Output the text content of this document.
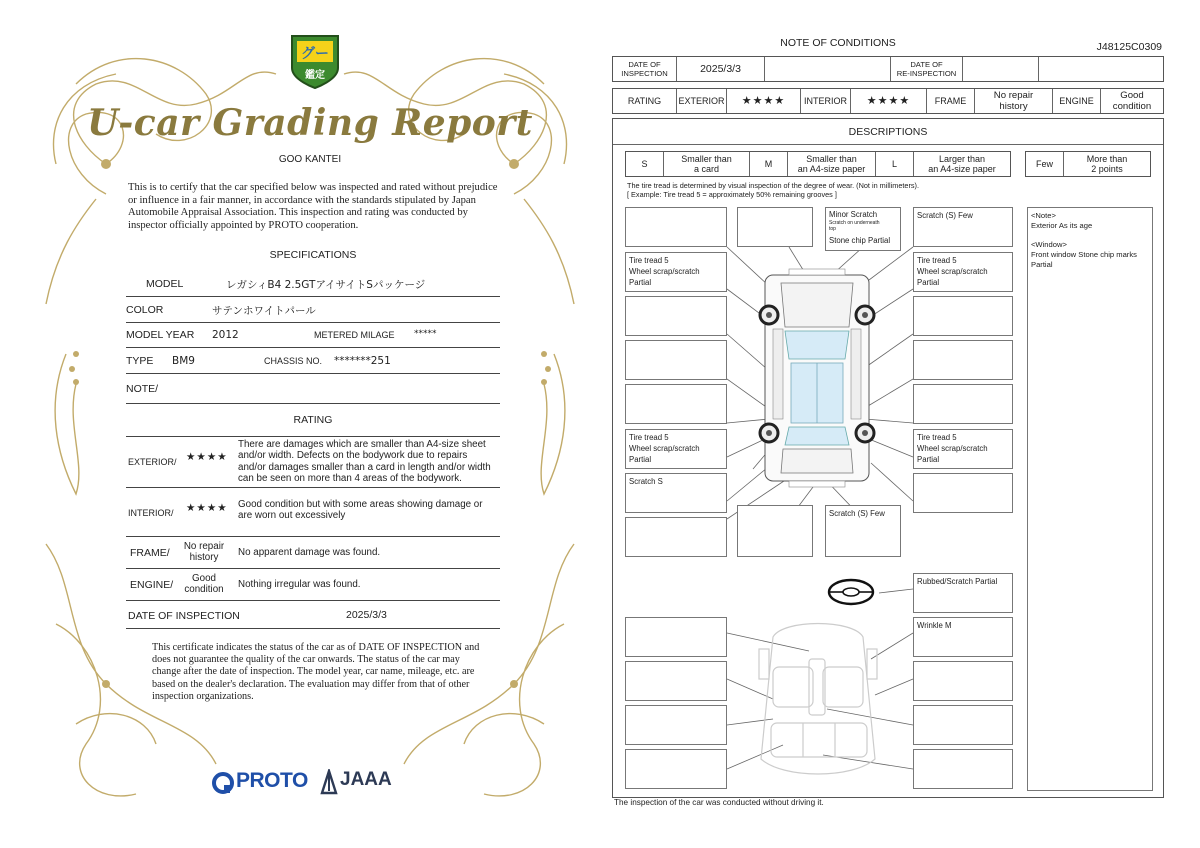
グー
鑑定
U-car Grading Report
GOO KANTEI
This is to certify that the car specified below was inspected and rated without prejudice or influence in a fair manner, in accordance with the standards stipulated by Japan Automobile Appraisal Association. This inspection and rating was conducted by inspector officially appointed by PROTO cooperation.
SPECIFICATIONS
MODEL	レガシィB4 2.5GTアイサイトSパッケージ
COLOR	サテンホワイトパール
MODEL YEAR 2012	METERED MILAGE *****
TYPE BM9	CHASSIS NO. *******251
NOTE/
RATING
EXTERIOR/ ★★★★
There are damages which are smaller than A4-size sheet and/or width. Defects on the bodywork due to repairs and/or damages smaller than a card in length and/or width can be seen on more than 4 areas of the bodywork.
INTERIOR/ ★★★★ Good condition but with some areas showing damage or are worn out excessively
FRAME/
No repair history	No apparent damage was found.
ENGINE/
Good condition	Nothing irregular was found.
DATE OF INSPECTION	2025/3/3
This certificate indicates the status of the car as of DATE OF INSPECTION and does not guarantee the quality of the car onwards. The status of the car may change after the date of inspection. The model year, car name, mileage, etc. are based on the dealer's declaration. The evaluation may differ from that of other inspection organizations.
PROTO JAAA
NOTE OF CONDITIONS	J48125C0309
DATE OF
INSPECTION	2025/3/3	DATE OF
RE-INSPECTION
RATING	EXTERIOR	★★★★	INTERIOR	★★★★	FRAME	No repair
history	ENGINE	Good
condition
DESCRIPTIONS
S	Smaller than
a card	M	Smaller than
an A4-size paper	L	Larger than
an A4-size paper	Few	More than
2 points
The tire tread is determined by visual inspection of the degree of wear. (Not in millimeters).
[ Example: Tire tread 5 = approximately 50% remaining grooves ]
Tire tread 5
Wheel scrap/scratch Partial
Tire tread 5
Wheel scrap/scratch Partial
Scratch S
Minor Scratch
Scratch on underneath
top
Stone chip Partial
Scratch (S) Few
Scratch (S) Few
Tire tread 5
Wheel scrap/scratch Partial
Tire tread 5
Wheel scrap/scratch Partial
Rubbed/Scratch Partial
Wrinkle M
<Note>
Exterior As its age
<Window>
Front window Stone chip marks Partial
The inspection of the car was conducted without driving it.
